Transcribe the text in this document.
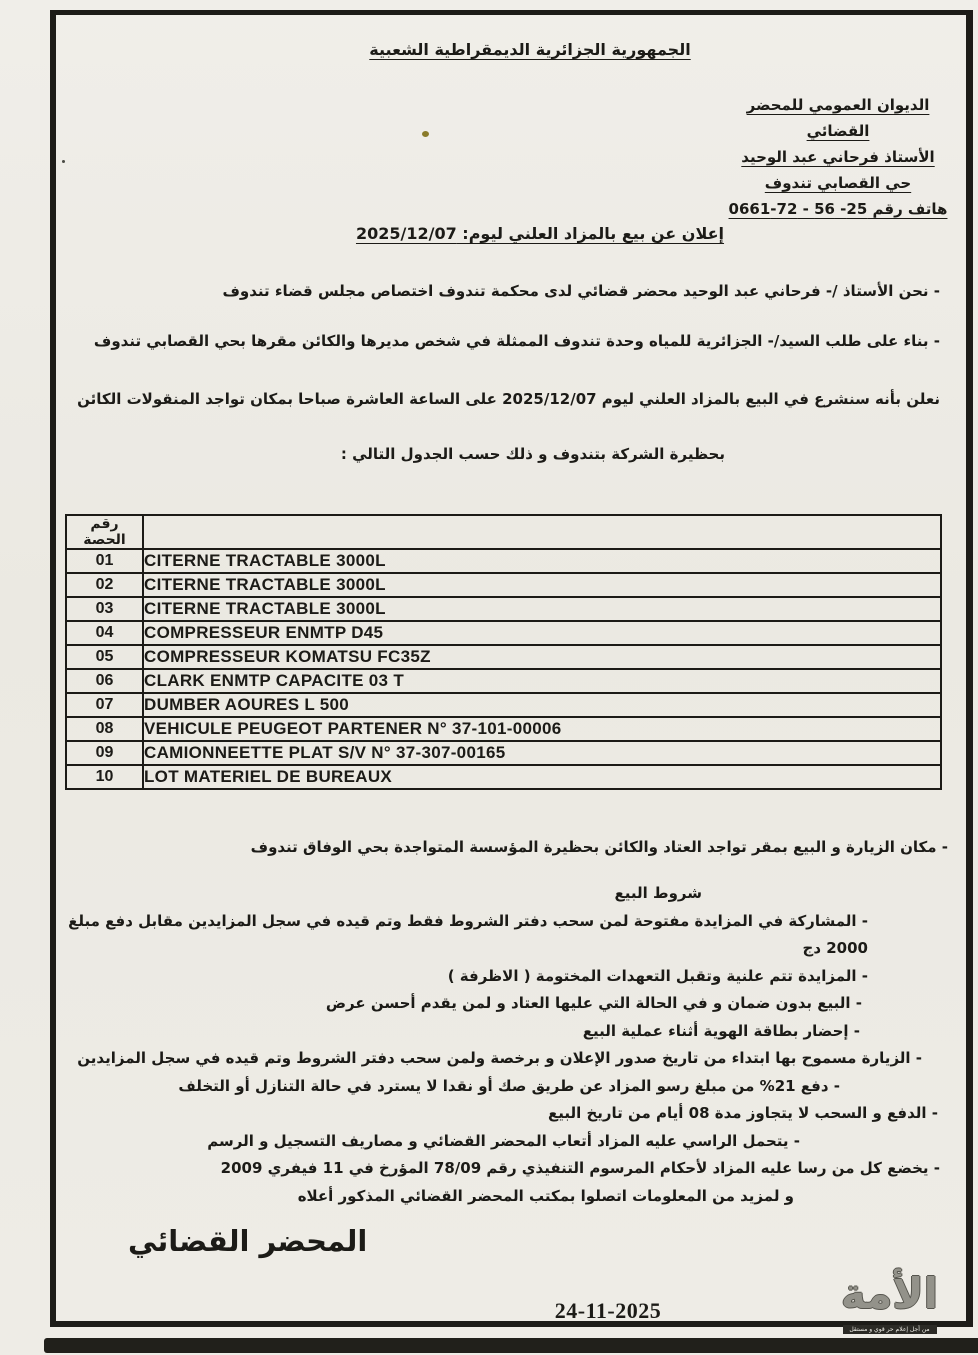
الجمهورية الجزائرية الديمقراطية الشعبية
الديوان العمومي للمحضر القضائي
الأستاذ فرحاني عبد الوحيد
حي القصابي تندوف
هاتف رقم 25- 56 - 72-0661
إعلان عن بيع بالمزاد العلني ليوم: 2025/12/07
- نحن الأستاذ /- فرحاني عبد الوحيد محضر قضائي لدى محكمة تندوف اختصاص مجلس قضاء تندوف
- بناء على طلب السيد/- الجزائرية للمياه وحدة تندوف الممثلة في شخص مديرها والكائن مقرها بحي القصابي تندوف
نعلن بأنه سنشرع في البيع بالمزاد العلني ليوم 2025/12/07 على الساعة العاشرة صباحا بمكان تواجد المنقولات الكائن
بحظيرة الشركة بتندوف و ذلك حسب الجدول التالي :
رقم الحصة	
01	CITERNE TRACTABLE 3000L
02	CITERNE TRACTABLE 3000L
03	CITERNE TRACTABLE 3000L
04	COMPRESSEUR ENMTP D45
05	COMPRESSEUR KOMATSU FC35Z
06	CLARK ENMTP CAPACITE 03 T
07	DUMBER AOURES L 500
08	VEHICULE PEUGEOT PARTENER N° 37-101-00006
09	CAMIONNEETTE PLAT S/V N° 37-307-00165
10	LOT MATERIEL DE BUREAUX
- مكان الزيارة و البيع بمقر تواجد العتاد والكائن بحظيرة المؤسسة المتواجدة بحي الوفاق تندوف
شروط البيع
- المشاركة في المزايدة مفتوحة لمن سحب دفتر الشروط فقط وتم قيده في سجل المزايدين مقابل دفع مبلغ 2000 دج
- المزايدة تتم علنية وتقبل التعهدات المختومة ( الاظرفة )
- البيع بدون ضمان و في الحالة التي عليها العتاد و لمن يقدم أحسن عرض
- إحضار بطاقة الهوية أثناء عملية البيع
- الزيارة مسموح بها ابتداء من تاريخ صدور الإعلان و برخصة ولمن سحب دفتر الشروط وتم قيده في سجل المزايدين
- دفع 21% من مبلغ رسو المزاد عن طريق صك أو نقدا لا يسترد في حالة التنازل أو التخلف
- الدفع و السحب لا يتجاوز مدة 08 أيام من تاريخ البيع
- يتحمل الراسي عليه المزاد أتعاب المحضر القضائي و مصاريف التسجيل و الرسم
- يخضع كل من رسا عليه المزاد لأحكام المرسوم التنفيذي رقم 78/09 المؤرخ في 11 فيفري 2009
و لمزيد من المعلومات اتصلوا بمكتب المحضر القضائي المذكور أعلاه
المحضر القضائي
24-11-2025	الأمة
من أجل إعلام حر قوي و مستقل
